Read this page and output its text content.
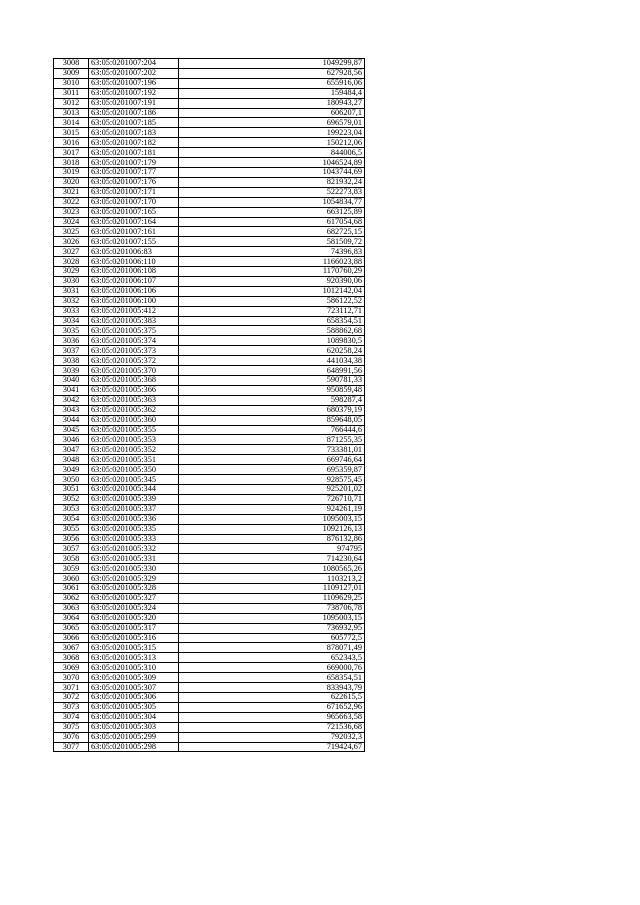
3008	63:05:0201007:204	1049299,87
3009	63:05:0201007:202	627928,56
3010	63:05:0201007:196	655916,06
3011	63:05:0201007:192	159484,4
3012	63:05:0201007:191	180943,27
3013	63:05:0201007:186	606207,1
3014	63:05:0201007:185	696579,01
3015	63:05:0201007:183	199223,04
3016	63:05:0201007:182	150212,06
3017	63:05:0201007:181	844006,5
3018	63:05:0201007:179	1046524,89
3019	63:05:0201007:177	1043744,69
3020	63:05:0201007:176	821932,24
3021	63:05:0201007:171	522273,83
3022	63:05:0201007:170	1054834,77
3023	63:05:0201007:165	663125,89
3024	63:05:0201007:164	617054,68
3025	63:05:0201007:161	682725,15
3026	63:05:0201007:155	581509,72
3027	63:05:0201006:83	74396,83
3028	63:05:0201006:110	1166023,88
3029	63:05:0201006:108	1170760,29
3030	63:05:0201006:107	920390,06
3031	63:05:0201006:106	1012142,04
3032	63:05:0201006:100	586122,52
3033	63:05:0201005:412	723112,71
3034	63:05:0201005:383	658354,51
3035	63:05:0201005:375	588862,68
3036	63:05:0201005:374	1089830,5
3037	63:05:0201005:373	620258,24
3038	63:05:0201005:372	441034,38
3039	63:05:0201005:370	648991,56
3040	63:05:0201005:368	590781,33
3041	63:05:0201005:366	950859,48
3042	63:05:0201005:363	598287,4
3043	63:05:0201005:362	680379,19
3044	63:05:0201005:360	859648,05
3045	63:05:0201005:355	766444,6
3046	63:05:0201005:353	871255,35
3047	63:05:0201005:352	733381,01
3048	63:05:0201005:351	669746,64
3049	63:05:0201005:350	695359,87
3050	63:05:0201005:345	928575,45
3051	63:05:0201005:344	925201,02
3052	63:05:0201005:339	726710,71
3053	63:05:0201005:337	924261,19
3054	63:05:0201005:336	1095003,15
3055	63:05:0201005:335	1092126,13
3056	63:05:0201005:333	876132,86
3057	63:05:0201005:332	974795
3058	63:05:0201005:331	714230,64
3059	63:05:0201005:330	1080565,26
3060	63:05:0201005:329	1103213,2
3061	63:05:0201005:328	1109127,01
3062	63:05:0201005:327	1109629,25
3063	63:05:0201005:324	738706,78
3064	63:05:0201005:320	1095003,15
3065	63:05:0201005:317	736932,95
3066	63:05:0201005:316	605772,5
3067	63:05:0201005:315	878071,49
3068	63:05:0201005:313	652343,5
3069	63:05:0201005:310	669000,76
3070	63:05:0201005:309	658354,51
3071	63:05:0201005:307	833943,79
3072	63:05:0201005:306	622615,5
3073	63:05:0201005:305	671652,96
3074	63:05:0201005:304	965663,58
3075	63:05:0201005:303	721536,68
3076	63:05:0201005:299	792032,3
3077	63:05:0201005:298	719424,67
